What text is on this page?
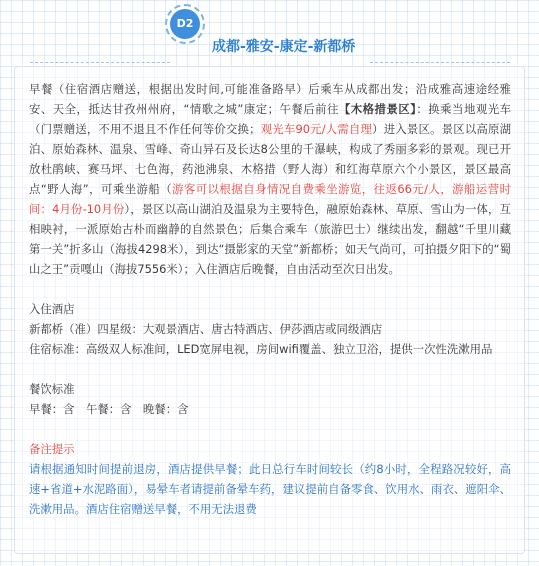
D2
成都-雅安-康定-新都桥

早餐（住宿酒店赠送，根据出发时间,可能准备路早）后乘车从成都出发；沿成雅高速途经雅安、天全，抵达甘孜州州府，“情歌之城”康定；午餐后前往【木格措景区】：换乘当地观光车（门票赠送，不用不退且不作任何等价交换；观光车90元/人需自理）进入景区。景区以高原湖泊、原始森林、温泉、雪峰、奇山异石及长达8公里的千瀑峡，构成了秀丽多彩的景观。现已开放杜鹃峡、赛马坪、七色海，药池沸泉、木格措（野人海）和红海草原六个小景区，景区最高点“野人海”，可乘坐游船（游客可以根据自身情况自费乘坐游览，往返66元/人，游船运营时间：4月份-10月份），景区以高山湖泊及温泉为主要特色，融原始森林、草原、雪山为一体，互相映衬，一派原始古朴而幽静的自然景色；后集合乘车（旅游巴士）继续出发，翻越“千里川藏第一关”折多山（海拔4298米），到达“摄影家的天堂”新都桥；如天气尚可，可拍摄夕阳下的“蜀山之王”贡嘎山（海拔7556米）；入住酒店后晚餐，自由活动至次日出发。

入住酒店

新都桥（准）四星级：大观景酒店、唐古特酒店、伊莎酒店或同级酒店

住宿标准：高级双人标准间，LED宽屏电视，房间wifi覆盖、独立卫浴，提供一次性洗漱用品

餐饮标准

早餐：含　午餐：含　晚餐：含

备注提示

请根据通知时间提前退房，酒店提供早餐；此日总行车时间较长（约8小时，全程路况较好，高速+省道+水泥路面），易晕车者请提前备晕车药，建议提前自备零食、饮用水、雨衣、遮阳伞、洗漱用品。酒店住宿赠送早餐，不用无法退费
